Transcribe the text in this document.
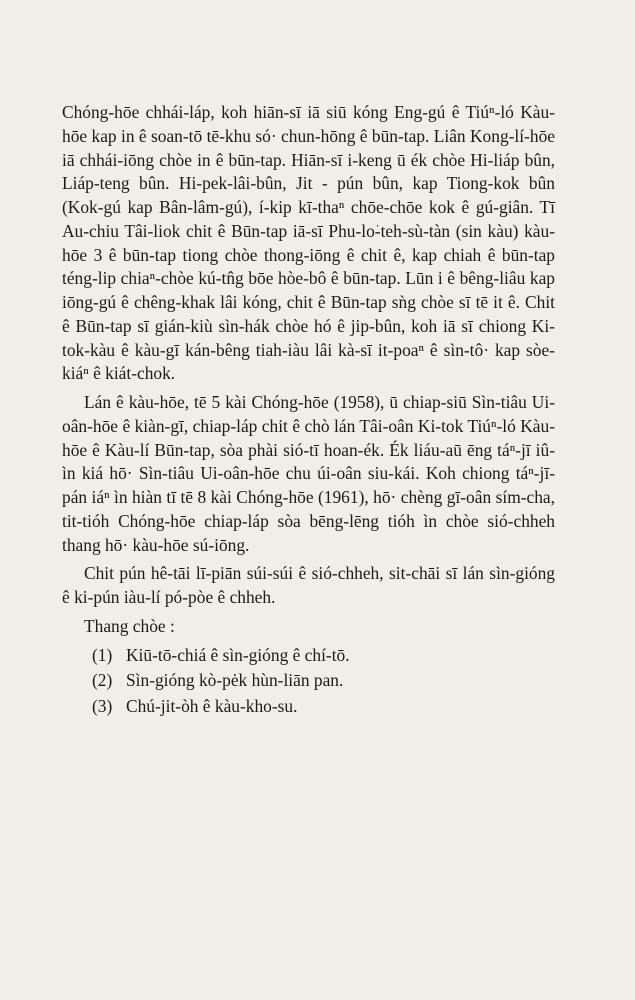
Chóng-hōe chhái-láp, koh hiān-sī iā siū kóng Eng-gú ê Tiúⁿ-ló Kàu-hōe kap in ê soan-tō tē-khu só· chun-hōng ê būn-tap. Liân Kong-lí-hōe iā chhái-iōng chòe in ê būn-tap. Hiān-sī i-keng ū ék chòe Hi-liáp bûn, Liáp-teng bûn. Hi-pek-lâi-bûn, Jit - pún bûn, kap Tiong-kok bûn (Kok-gú kap Bân-lâm-gú), í-kip kī-thaⁿ chōe-chōe kok ê gú-giân. Tī Au-chiu Tâi-liok chit ê Būn-tap iā-sī Phu-lo͘-teh-sù-tàn (sin kàu) kàu-hōe 3 ê būn-tap tiong chòe thong-iōng ê chit ê, kap chiah ê būn-tap téng-lip chiaⁿ-chòe kú-tn̂g bōe hòe-bô ê būn-tap. Lūn i ê bêng-liâu kap iōng-gú ê chêng-khak lâi kóng, chit ê Būn-tap sǹg chòe sī tē it ê. Chit ê Būn-tap sī gián-kiù sìn-hák chòe hó ê jip-bûn, koh iā sī chiong Ki-tok-kàu ê kàu-gī kán-bêng tiah-iàu lâi kà-sī it-poaⁿ ê sìn-tô· kap sòe-kiáⁿ ê kiát-chok.

Lán ê kàu-hōe, tē 5 kài Chóng-hōe (1958), ū chiap-siū Sìn-tiâu Ui-oân-hōe ê kiàn-gī, chiap-láp chit ê chò lán Tâi-oân Ki-tok Tiúⁿ-ló Kàu-hōe ê Kàu-lí Būn-tap, sòa phài sió-tī hoan-ék. Ék liáu-aū ēng táⁿ-jī iû-ìn kiá hō· Sìn-tiâu Ui-oân-hōe chu úi-oân siu-kái. Koh chiong táⁿ-jī-pán iáⁿ ìn hiàn tī tē 8 kài Chóng-hōe (1961), hō· chèng gī-oân sím-cha, tit-tióh Chóng-hōe chiap-láp sòa bēng-lēng tióh ìn chòe sió-chheh thang hō· kàu-hōe sú-iōng.

Chit pún hê-tāi lī-piān súi-súi ê sió-chheh, sit-chāi sī lán sìn-gióng ê ki-pún iàu-lí pó-pòe ê chheh.

Thang chòe :

(1) Kiū-tō-chiá ê sìn-gióng ê chí-tō.
(2) Sìn-gióng kò-pėk hùn-liān pan.
(3) Chú-jit-òh ê kàu-kho-su.
